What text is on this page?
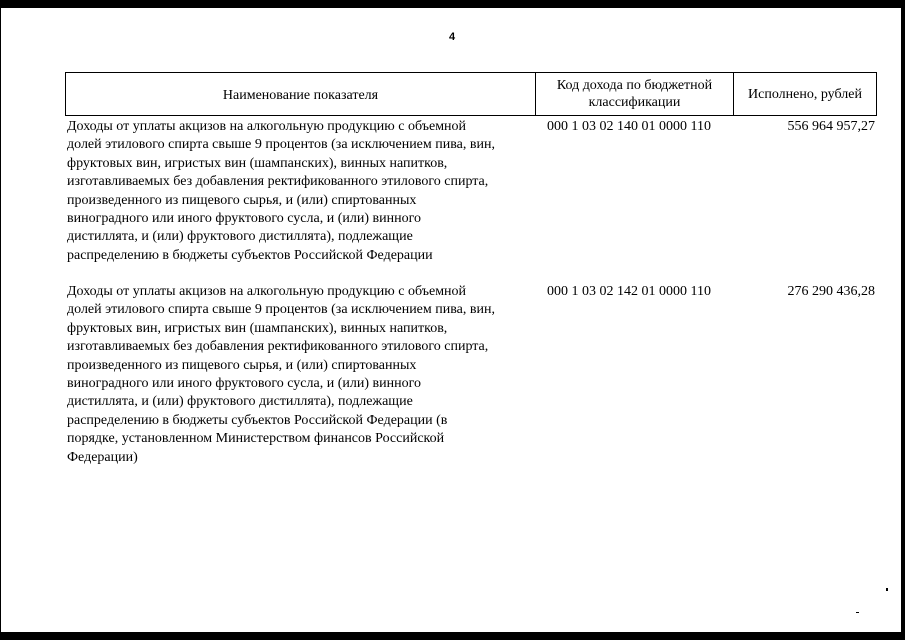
4
Наименование показателя
Код дохода по бюджетной
классификации
Исполнено, рублей
Доходы от уплаты акцизов на алкогольную продукцию с объемной
долей этилового спирта свыше 9 процентов (за исключением пива, вин,
фруктовых вин, игристых вин (шампанских), винных напитков,
изготавливаемых без добавления ректификованного этилового спирта,
произведенного из пищевого сырья, и (или) спиртованных
виноградного или иного фруктового сусла, и (или) винного
дистиллята, и (или) фруктового дистиллята), подлежащие
распределению в бюджеты субъектов Российской Федерации
000 1 03 02 140 01 0000 110	556 964 957,27
Доходы от уплаты акцизов на алкогольную продукцию с объемной
долей этилового спирта свыше 9 процентов (за исключением пива, вин,
фруктовых вин, игристых вин (шампанских), винных напитков,
изготавливаемых без добавления ректификованного этилового спирта,
произведенного из пищевого сырья, и (или) спиртованных
виноградного или иного фруктового сусла, и (или) винного
дистиллята, и (или) фруктового дистиллята), подлежащие
распределению в бюджеты субъектов Российской Федерации (в
порядке, установленном Министерством финансов Российской
Федерации)
000 1 03 02 142 01 0000 110	276 290 436,28
